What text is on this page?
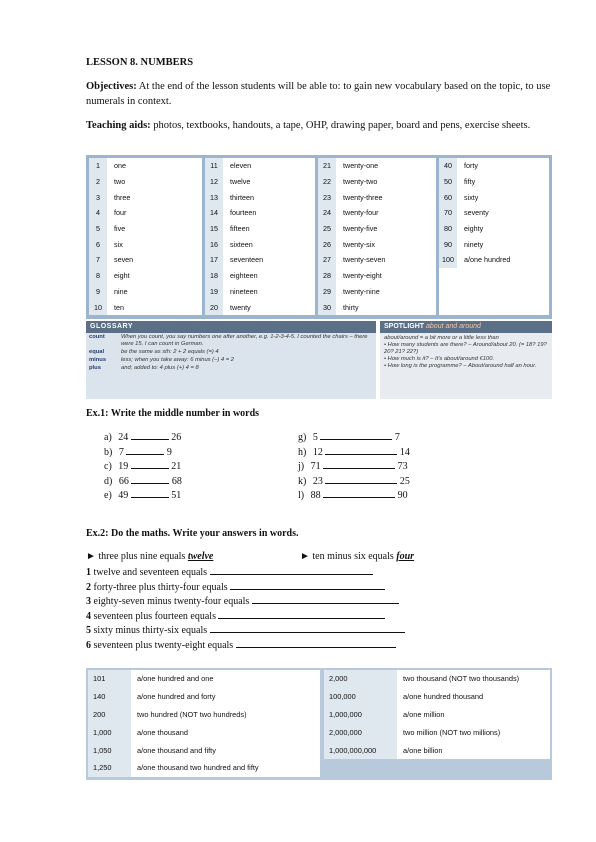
LESSON 8. NUMBERS
Objectives: At the end of the lesson students will be able to: to gain new vocabulary based on the topic, to use numerals in context.
Teaching aids: photos, textbooks, handouts, a tape, OHP, drawing paper, board and pens, exercise sheets.
1	one
2	two
3	three
4	four
5	five
6	six
7	seven
8	eight
9	nine
10	ten
11	eleven
12	twelve
13	thirteen
14	fourteen
15	fifteen
16	sixteen
17	seventeen
18	eighteen
19	nineteen
20	twenty
21	twenty-one
22	twenty-two
23	twenty-three
24	twenty-four
25	twenty-five
26	twenty-six
27	twenty-seven
28	twenty-eight
29	twenty-nine
30	thirty
40	forty
50	fifty
60	sixty
70	seventy
80	eighty
90	ninety
100	a/one hundred
GLOSSARY
count	When you count, you say numbers one after another, e.g. 1-2-3-4-5. I counted the chairs – there were 15. I can count in German.
equal	be the same as sth: 2 + 2 equals (=) 4
minus	less; when you take away: 6 minus (–) 4 = 2
plus	and; added to: 4 plus (+) 4 = 8
SPOTLIGHT about and around
about/around = a bit more or a little less than
• How many students are there? – Around/about 20. (= 18? 19? 20? 21? 22?)
• How much is it? – It's about/around €100.
• How long is the programme? – About/around half an hour.
Ex.1: Write the middle number in words
a) 24	26
b) 7	9
c) 19	21
d) 66	68
e) 49	51
g) 5	7
h) 12	14
j) 71	73
k) 23	25
l) 88	90
Ex.2: Do the maths. Write your answers in words.
► three plus nine equals twelve	► ten minus six equals four
1 twelve and seventeen equals
2 forty-three plus thirty-four equals
3 eighty-seven minus twenty-four equals
4 seventeen plus fourteen equals
5 sixty minus thirty-six equals
6 seventeen plus twenty-eight equals
101	a/one hundred and one
140	a/one hundred and forty
200	two hundred (NOT two hundreds)
1,000	a/one thousand
1,050	a/one thousand and fifty
1,250	a/one thousand two hundred and fifty
2,000	two thousand (NOT two thousands)
100,000	a/one hundred thousand
1,000,000	a/one million
2,000,000	two million (NOT two millions)
1,000,000,000	a/one billion
